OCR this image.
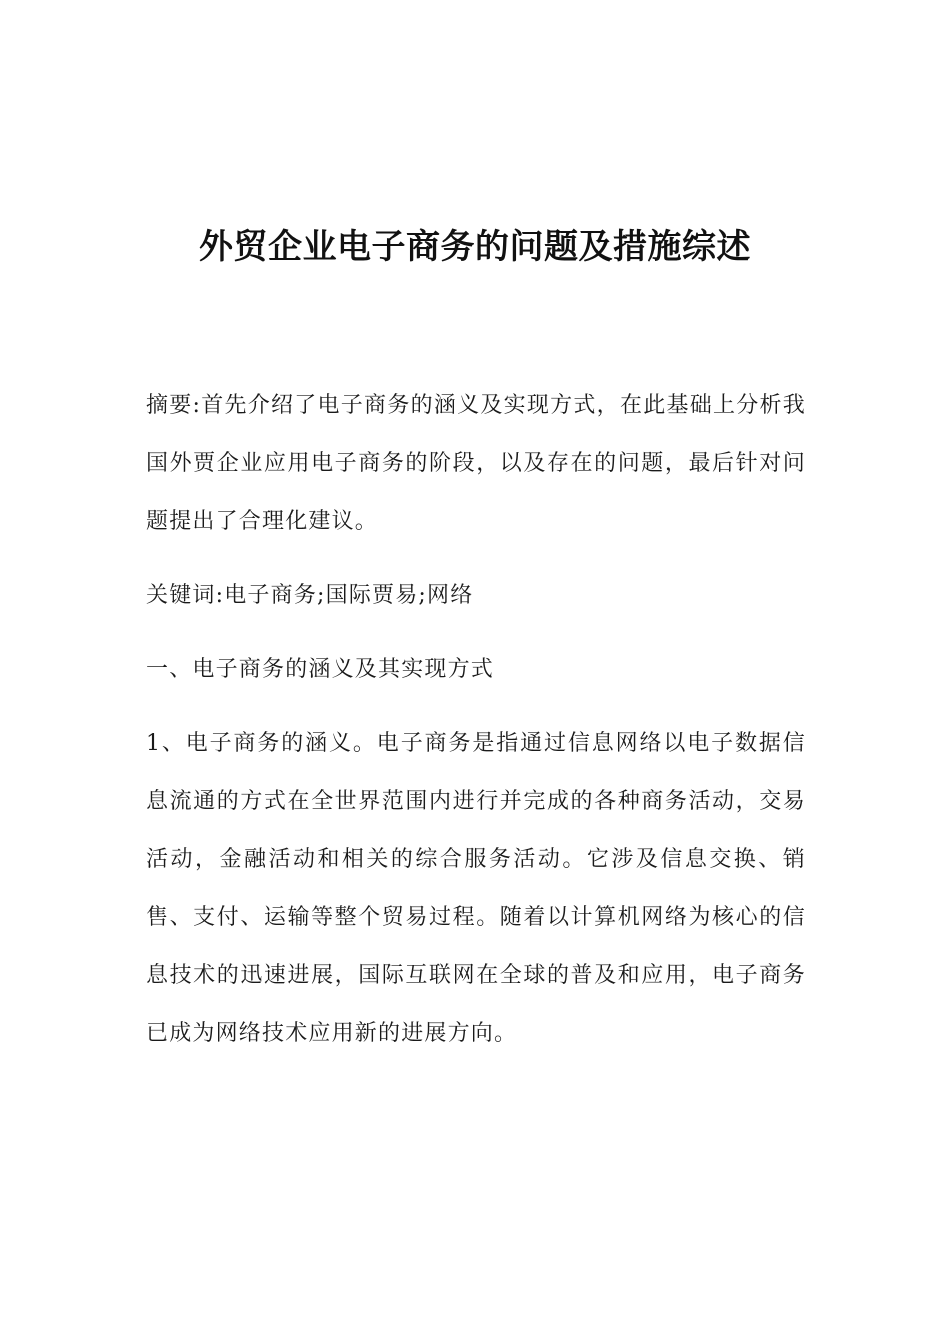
外贸企业电子商务的问题及措施综述

摘要:首先介绍了电子商务的涵义及实现方式，在此基础上分析我国外贾企业应用电子商务的阶段，以及存在的问题，最后针对问题提出了合理化建议。

关键词:电子商务;国际贾易;网络

一、电子商务的涵义及其实现方式

1、电子商务的涵义。电子商务是指通过信息网络以电子数据信息流通的方式在全世界范围内进行并完成的各种商务活动，交易活动，金融活动和相关的综合服务活动。它涉及信息交换、销售、支付、运输等整个贸易过程。随着以计算机网络为核心的信息技术的迅速进展，国际互联网在全球的普及和应用，电子商务已成为网络技术应用新的进展方向。
